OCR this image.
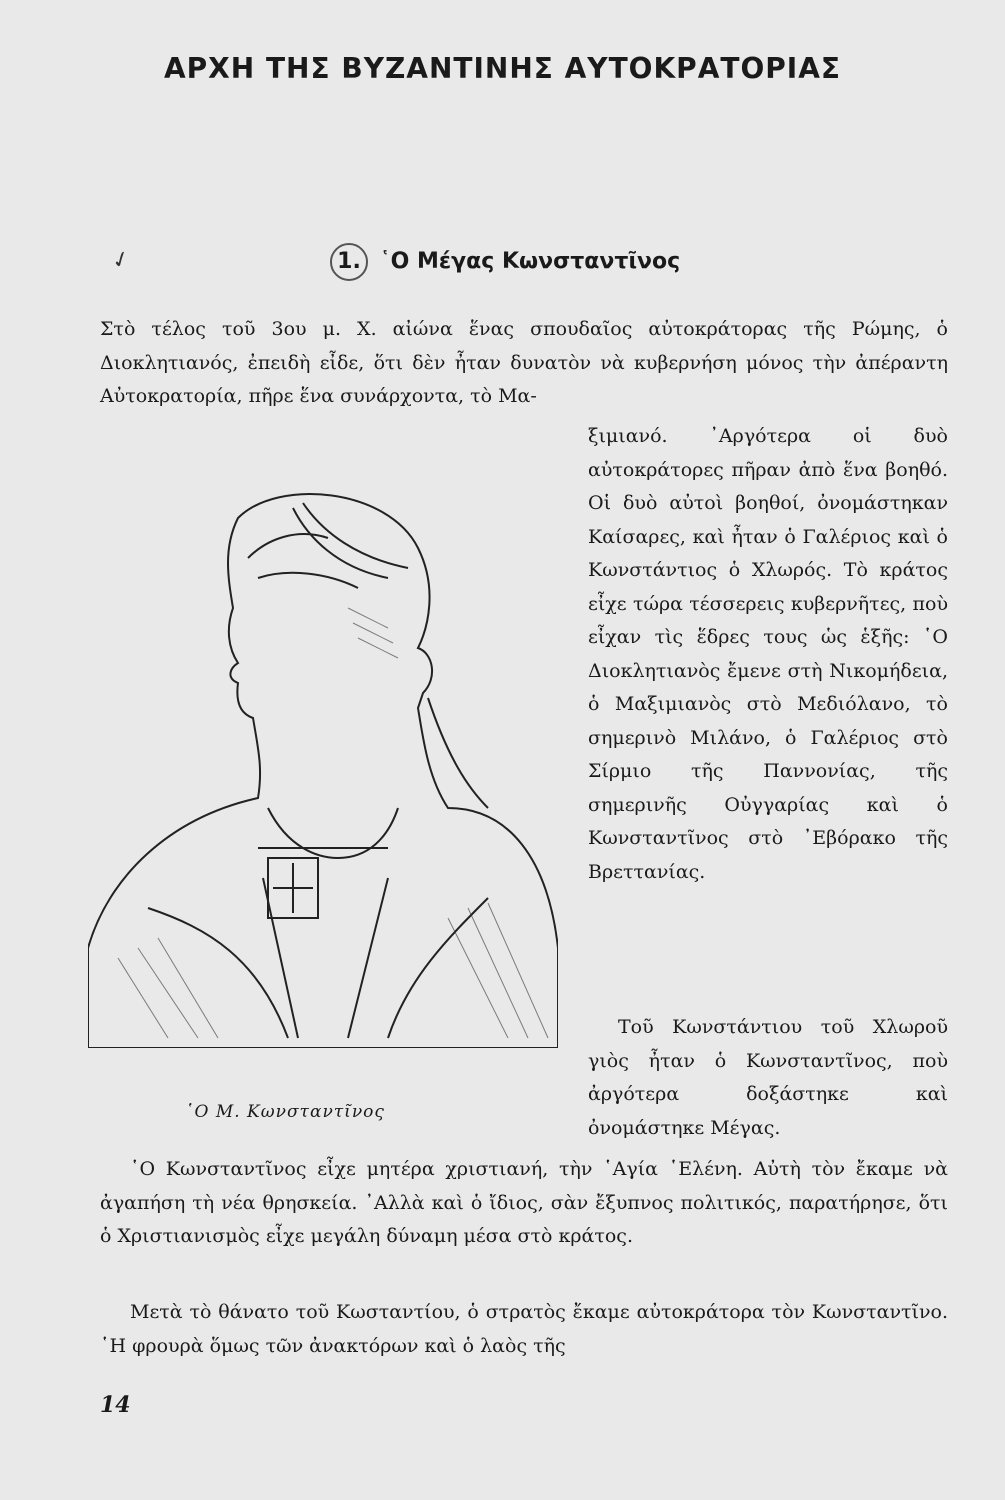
ΑΡΧΗ ΤΗΣ ΒΥΖΑΝΤΙΝΗΣ ΑΥΤΟΚΡΑΤΟΡΙΑΣ
✓	1. ῾Ο Μέγας Κωνσταντῖνος

Στὸ τέλος τοῦ 3ου μ. Χ. αἰώνα ἕνας σπουδαῖος αὐτοκράτορας τῆς Ρώμης, ὁ Διοκλητιανός, ἐπειδὴ εἶδε, ὅτι δὲν ἦταν δυνατὸν νὰ κυβερνήση μόνος τὴν ἀπέραντη Αὐτοκρατορία, πῆρε ἕνα συνάρχοντα, τὸ Μα-

ξιμιανό. ᾿Αργότερα οἱ δυὸ αὐτοκράτορες πῆραν ἀπὸ ἕνα βοηθό. Οἱ δυὸ αὐτοὶ βοηθοί, ὀνομάστηκαν Καίσαρες, καὶ ἦταν ὁ Γαλέριος καὶ ὁ Κωνστάντιος ὁ Χλωρός. Τὸ κράτος εἶχε τώρα τέσσερεις κυβερνῆτες, ποὺ εἶχαν τὶς ἕδρες τους ὡς ἑξῆς: ῾Ο Διοκλητιανὸς ἔμενε στὴ Νικομήδεια, ὁ Μαξιμιανὸς στὸ Μεδιόλανο, τὸ σημερινὸ Μιλάνο, ὁ Γαλέριος στὸ Σίρμιο τῆς Παννονίας, τῆς σημερινῆς Οὐγγαρίας καὶ ὁ Κωνσταντῖνος στὸ ᾿Εβόρακο τῆς Βρεττανίας.

Τοῦ Κωνστάντιου τοῦ Χλωροῦ γιὸς ἦταν ὁ Κωνσταντῖνος, ποὺ ἀργότερα δοξάστηκε καὶ ὀνομάστηκε Μέγας.

῾Ο Μ. Κωνσταντῖνος

῾Ο Κωνσταντῖνος εἶχε μητέρα χριστιανή, τὴν ῾Αγία ῾Ελένη. Αὐτὴ τὸν ἔκαμε νὰ ἀγαπήση τὴ νέα θρησκεία. ᾿Αλλὰ καὶ ὁ ἴδιος, σὰν ἔξυπνος πολιτικός, παρατήρησε, ὅτι ὁ Χριστιανισμὸς εἶχε μεγάλη δύναμη μέσα στὸ κράτος.

Μετὰ τὸ θάνατο τοῦ Κωσταντίου, ὁ στρατὸς ἔκαμε αὐτοκράτορα τὸν Κωνσταντῖνο. ῾Η φρουρὰ ὅμως τῶν ἀνακτόρων καὶ ὁ λαὸς τῆς

14
